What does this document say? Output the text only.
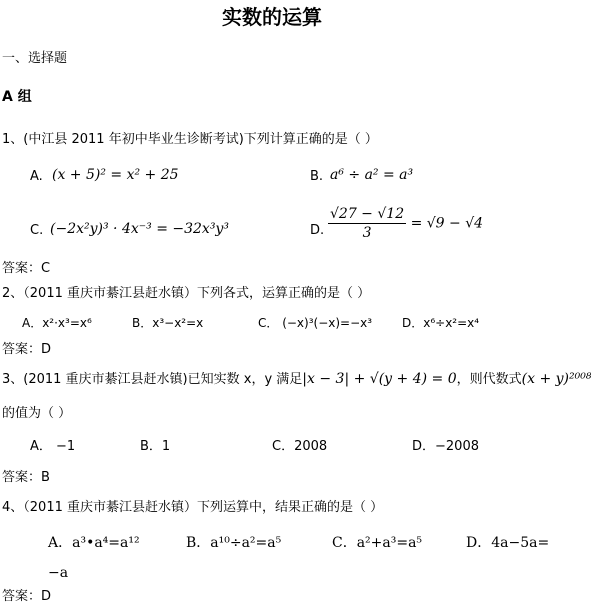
实数的运算
一、选择题
A 组
1、(中江县 2011 年初中毕业生诊断考试)下列计算正确的是（ ）
A. (x + 5)² = x² + 25	B. a⁶ ÷ a² = a³
C. (−2x²y)³ · 4x⁻³ = −32x³y³	D. $\frac{√27 - √12}{3} = √9 - √4$
答案：C
2、（2011 重庆市綦江县赶水镇）下列各式，运算正确的是（ ）
A．x²·x³=x⁶	B．x³−x²=x	C． (−x)³(−x)=−x³ D．x⁶÷x²=x⁴
答案：D
3、(2011 重庆市綦江县赶水镇)已知实数 x，y 满足|x − 3| + √(y + 4) = 0，则代数式(x + y)²⁰⁰⁸
的值为（ ）
A． −1	B．1	C．2008	D．−2008
答案：B
4、（2011 重庆市綦江县赶水镇）下列运算中，结果正确的是（ ）
A．a³•a⁴=a¹²	B．a¹⁰÷a²=a⁵	C．a²+a³=a⁵	D．4a−5a=
−a
答案：D
